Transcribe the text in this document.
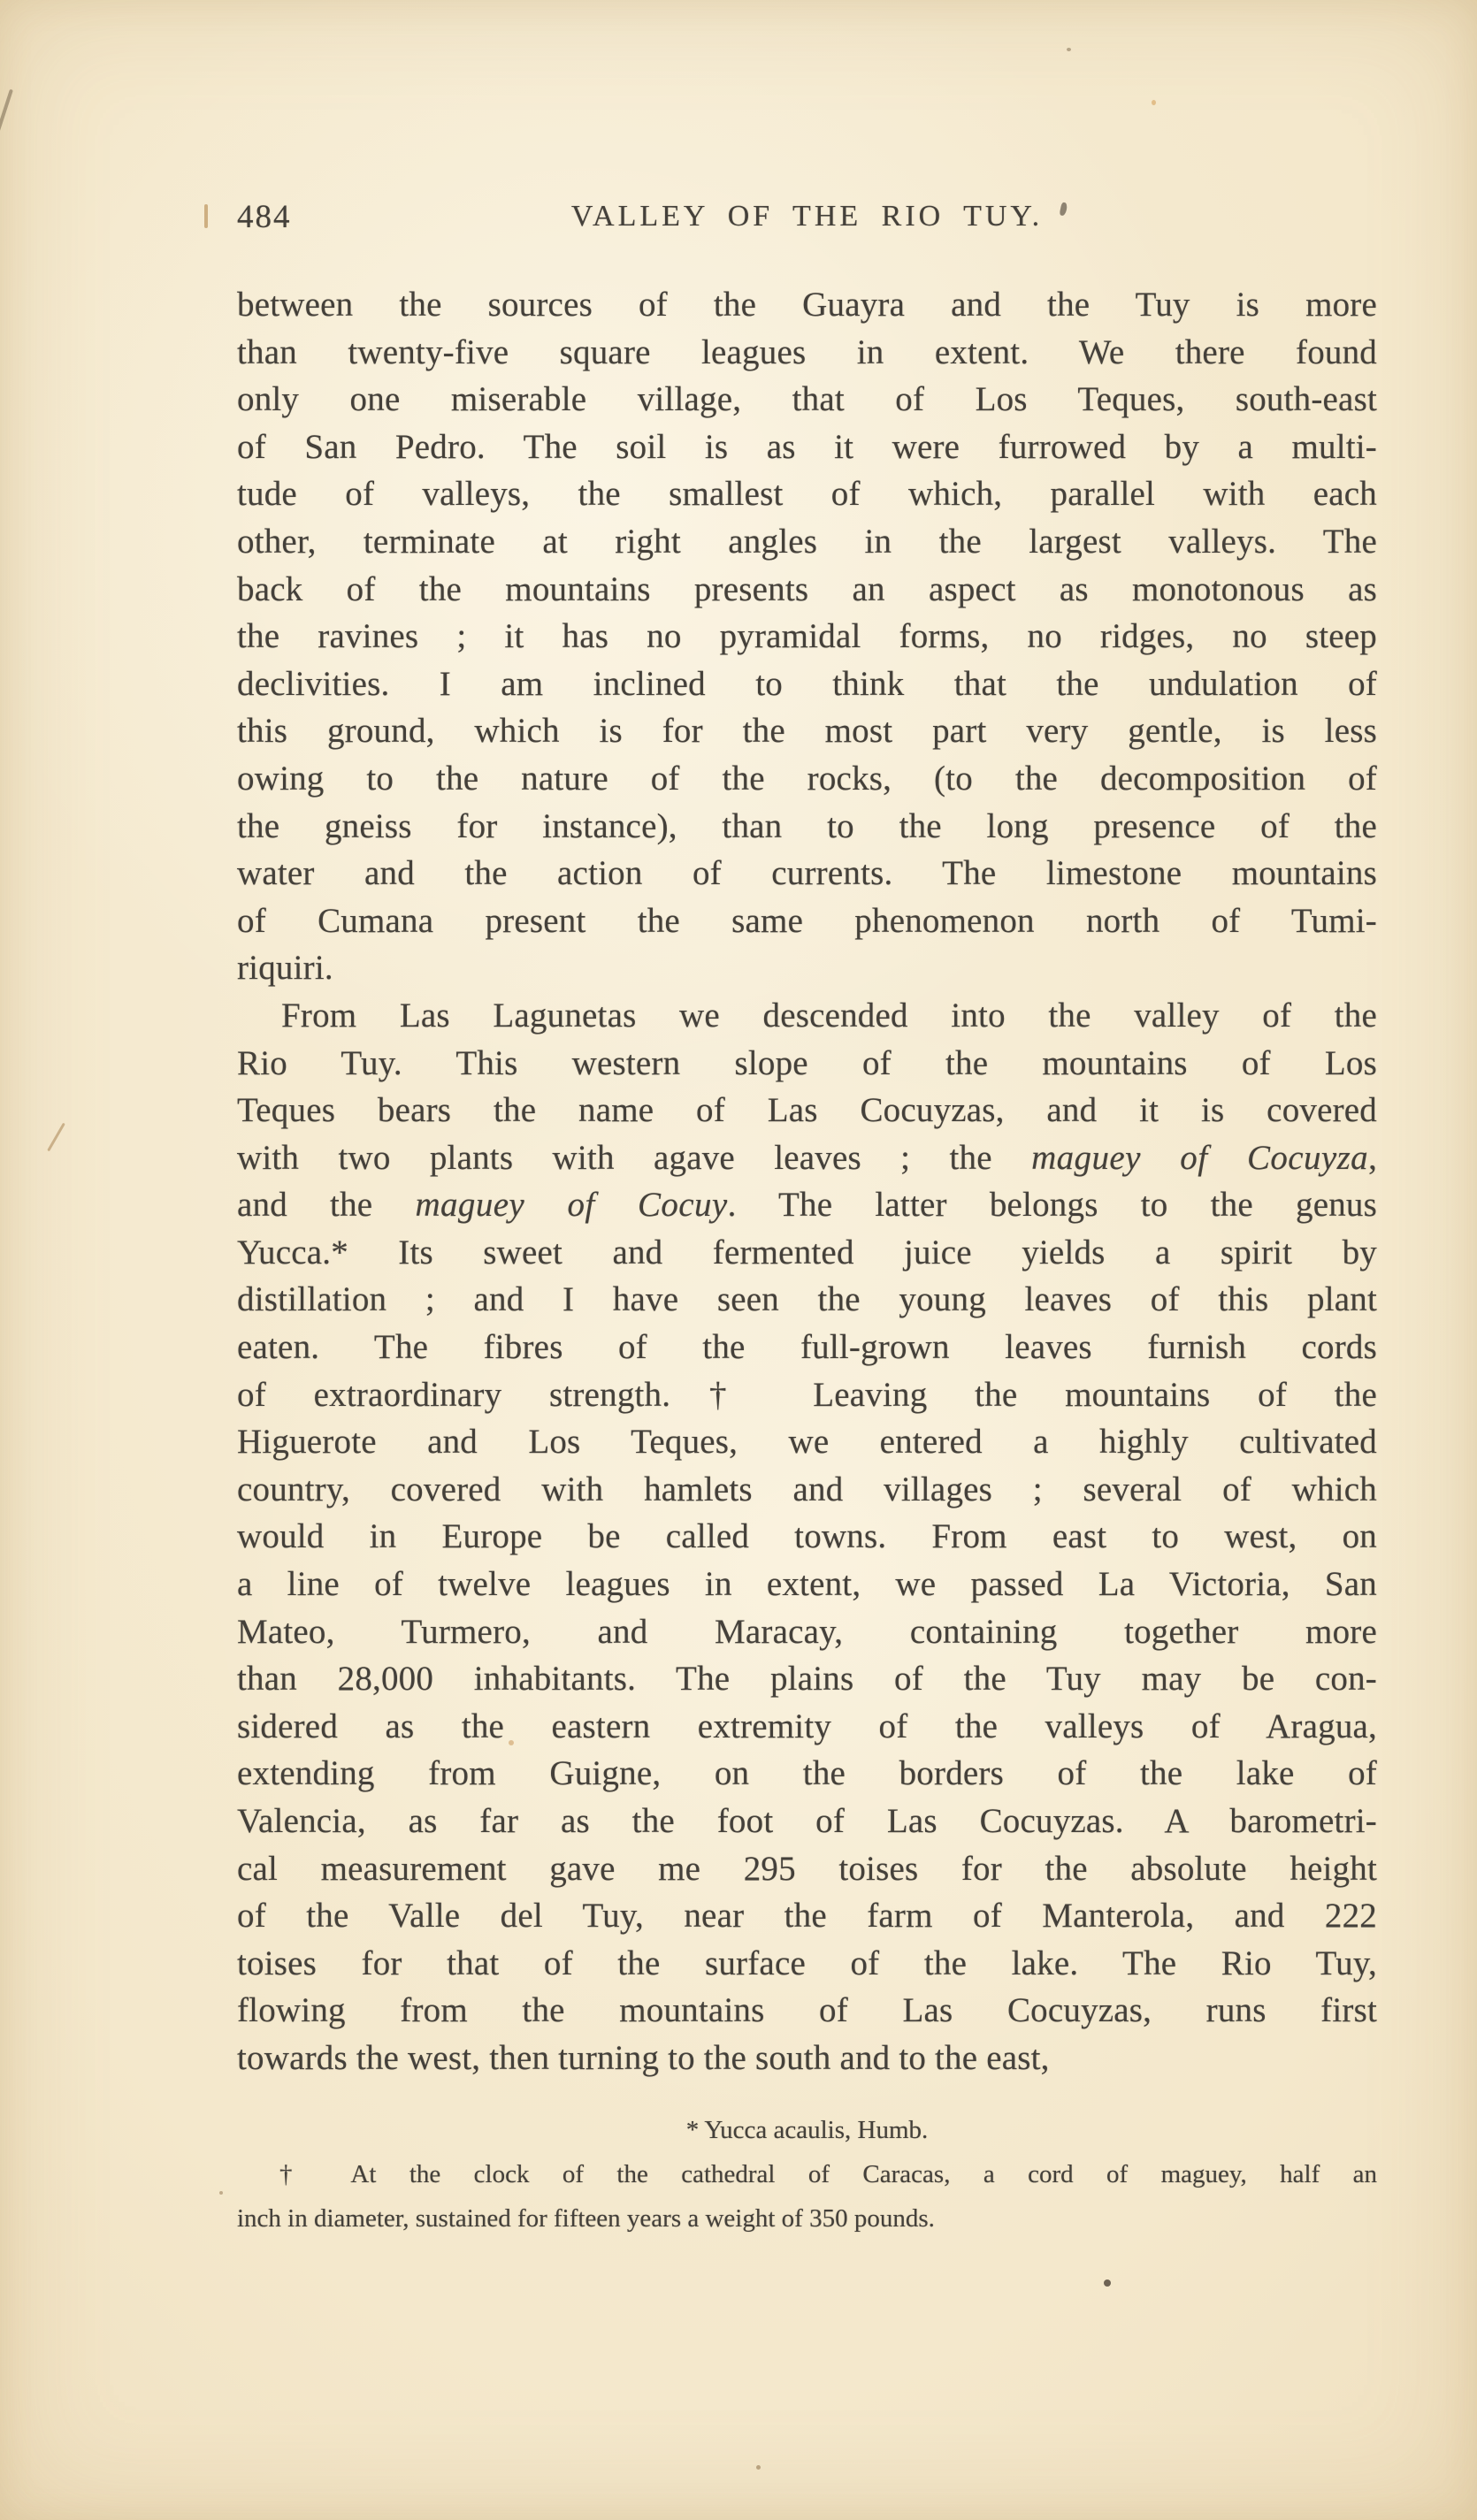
484	VALLEY OF THE RIO TUY.
between the sources of the Guayra and the Tuy is more
than twenty-five square leagues in extent. We there found
only one miserable village, that of Los Teques, south-east
of San Pedro. The soil is as it were furrowed by a multi-
tude of valleys, the smallest of which, parallel with each
other, terminate at right angles in the largest valleys. The
back of the mountains presents an aspect as monotonous as
the ravines ; it has no pyramidal forms, no ridges, no steep
declivities. I am inclined to think that the undulation of
this ground, which is for the most part very gentle, is less
owing to the nature of the rocks, (to the decomposition of
the gneiss for instance), than to the long presence of the
water and the action of currents. The limestone mountains
of Cumana present the same phenomenon north of Tumi-
riquiri.
From Las Lagunetas we descended into the valley of the
Rio Tuy. This western slope of the mountains of Los
Teques bears the name of Las Cocuyzas, and it is covered
with two plants with agave leaves ; the maguey of Cocuyza,
and the maguey of Cocuy. The latter belongs to the genus
Yucca.* Its sweet and fermented juice yields a spirit by
distillation ; and I have seen the young leaves of this plant
eaten. The fibres of the full-grown leaves furnish cords
of extraordinary strength.† Leaving the mountains of the
Higuerote and Los Teques, we entered a highly cultivated
country, covered with hamlets and villages ; several of which
would in Europe be called towns. From east to west, on
a line of twelve leagues in extent, we passed La Victoria, San
Mateo, Turmero, and Maracay, containing together more
than 28,000 inhabitants. The plains of the Tuy may be con-
sidered as the eastern extremity of the valleys of Aragua,
extending from Guigne, on the borders of the lake of
Valencia, as far as the foot of Las Cocuyzas. A barometri-
cal measurement gave me 295 toises for the absolute height
of the Valle del Tuy, near the farm of Manterola, and 222
toises for that of the surface of the lake. The Rio Tuy,
flowing from the mountains of Las Cocuyzas, runs first
towards the west, then turning to the south and to the east,
* Yucca acaulis, Humb.
† At the clock of the cathedral of Caracas, a cord of maguey, half an
inch in diameter, sustained for fifteen years a weight of 350 pounds.
